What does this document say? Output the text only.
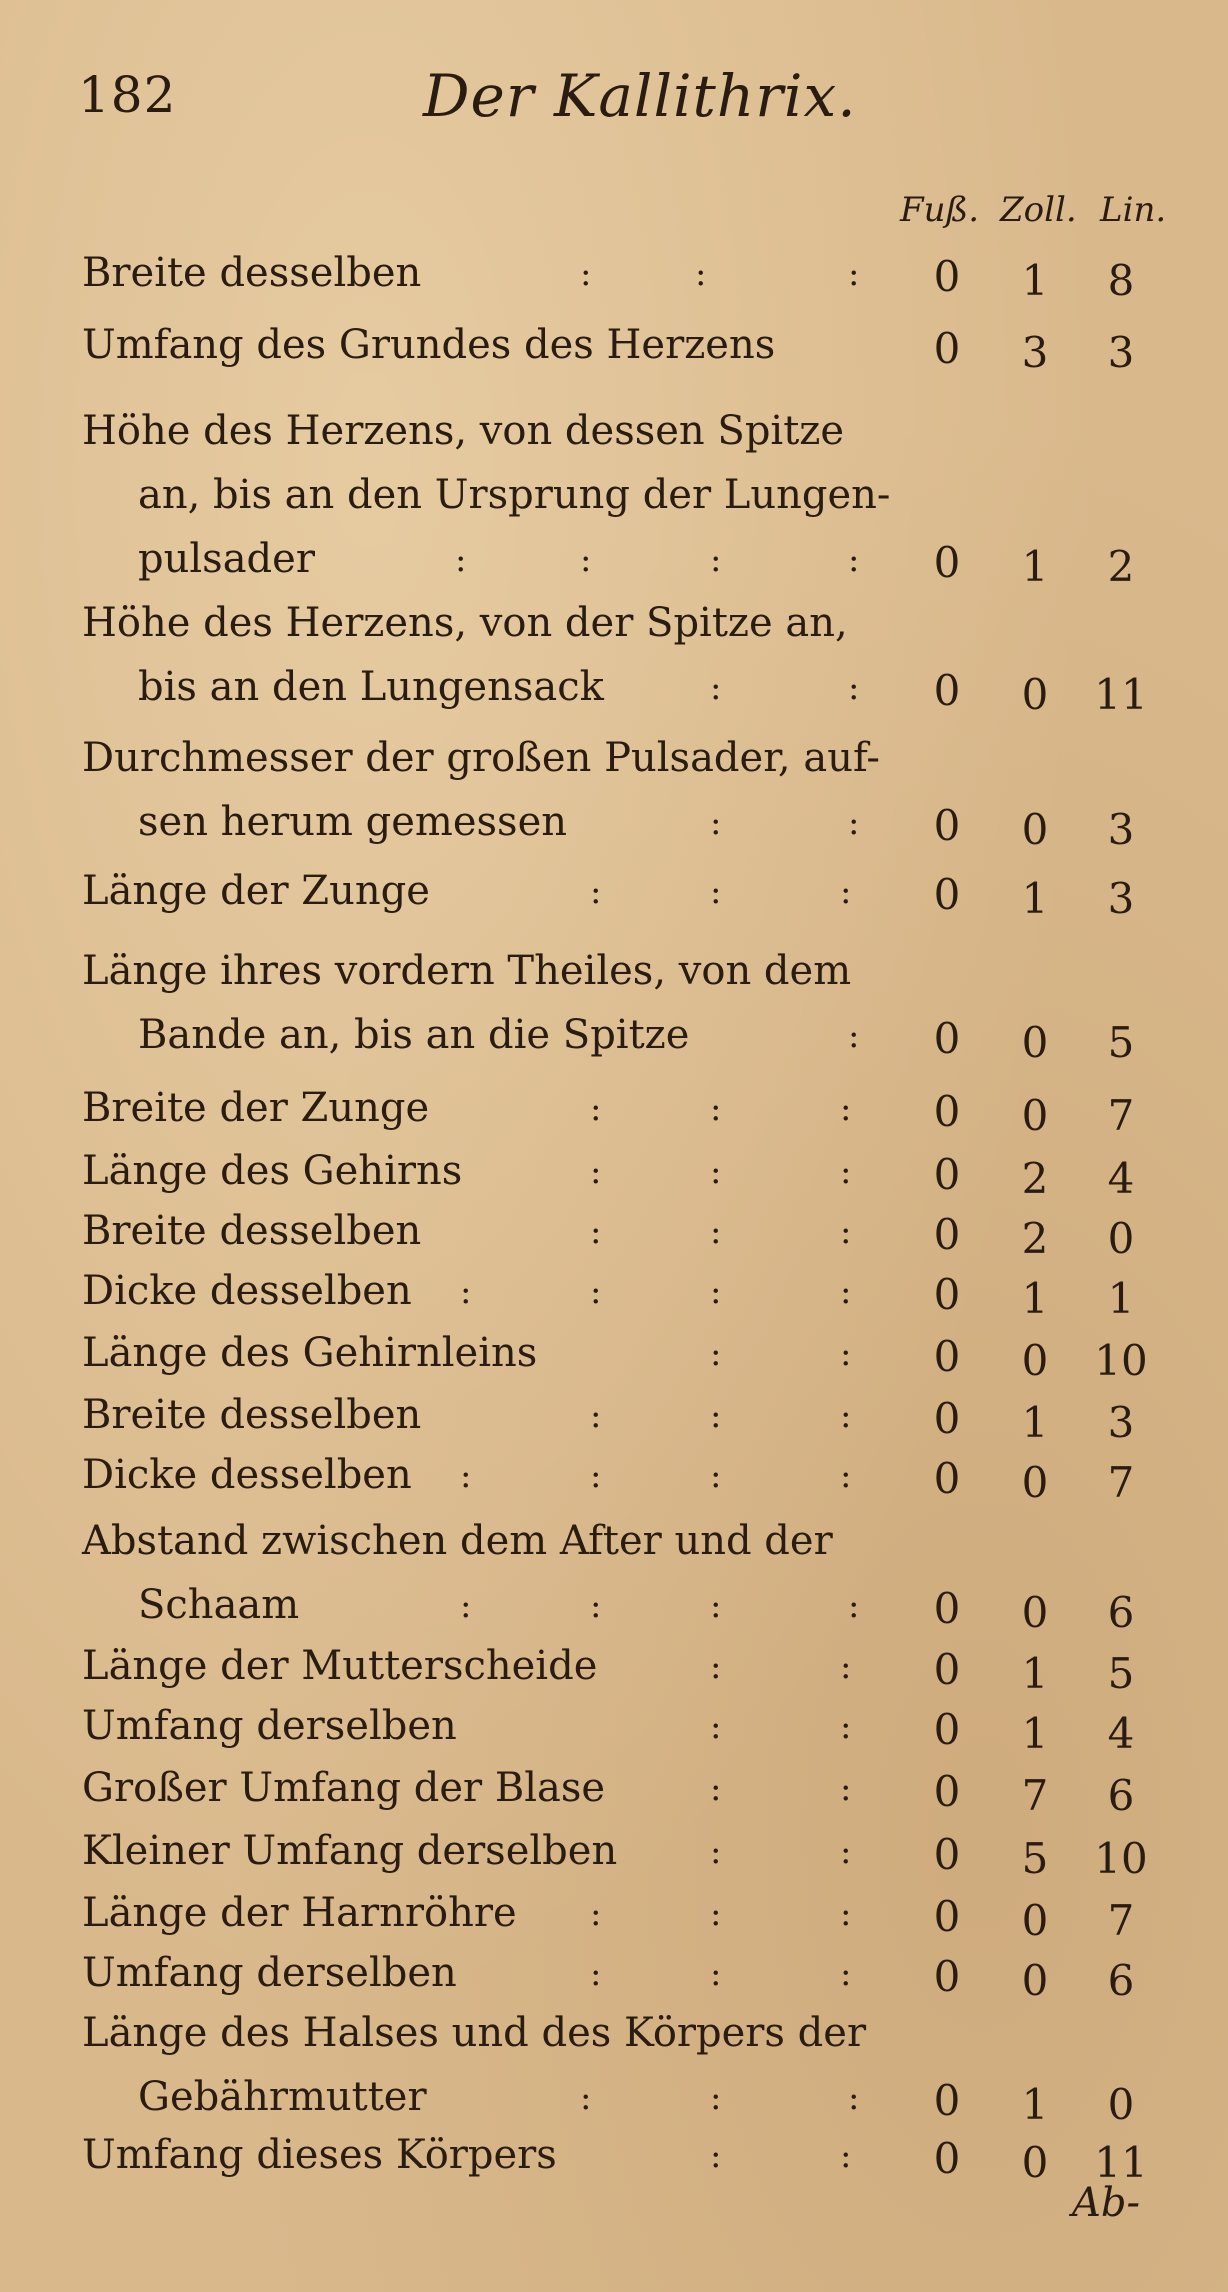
182	Der Kallithrix.
Fuß. Zoll. Lin.
Breite desselben	:	:	:	0	1	8
Umfang des Grundes des Herzens	0	3	3
Höhe des Herzens, von dessen Spitze
an, bis an den Ursprung der Lungen-
pulsader	:	:	:	:	0	1	2
Höhe des Herzens, von der Spitze an,
bis an den Lungensack	:	:	0	0	11
Durchmesser der großen Pulsader, auf-
sen herum gemessen	:	:	0	0	3
Länge der Zunge	:	:	:	0	1	3
Länge ihres vordern Theiles, von dem
Bande an, bis an die Spitze	:	0	0	5
Breite der Zunge	:	:	:	0	0	7
Länge des Gehirns	:	:	:	0	2	4
Breite desselben	:	:	:	0	2	0
Dicke desselben :	:	:	:	0	1	1
Länge des Gehirnleins	:	:	0	0	10
Breite desselben	:	:	:	0	1	3
Dicke desselben :	:	:	:	0	0	7
Abstand zwischen dem After und der
Schaam	:	:	:	:	0	0	6
Länge der Mutterscheide	:	:	0	1	5
Umfang derselben	:	:	0	1	4
Großer Umfang der Blase	:	:	0	7	6
Kleiner Umfang derselben	:	:	0	5	10
Länge der Harnröhre :	:	:	0	0	7
Umfang derselben	:	:	:	0	0	6
Länge des Halses und des Körpers der
Gebährmutter	:	:	:	0	1	0
Umfang dieses Körpers	:	:	0	0	11
Ab-
